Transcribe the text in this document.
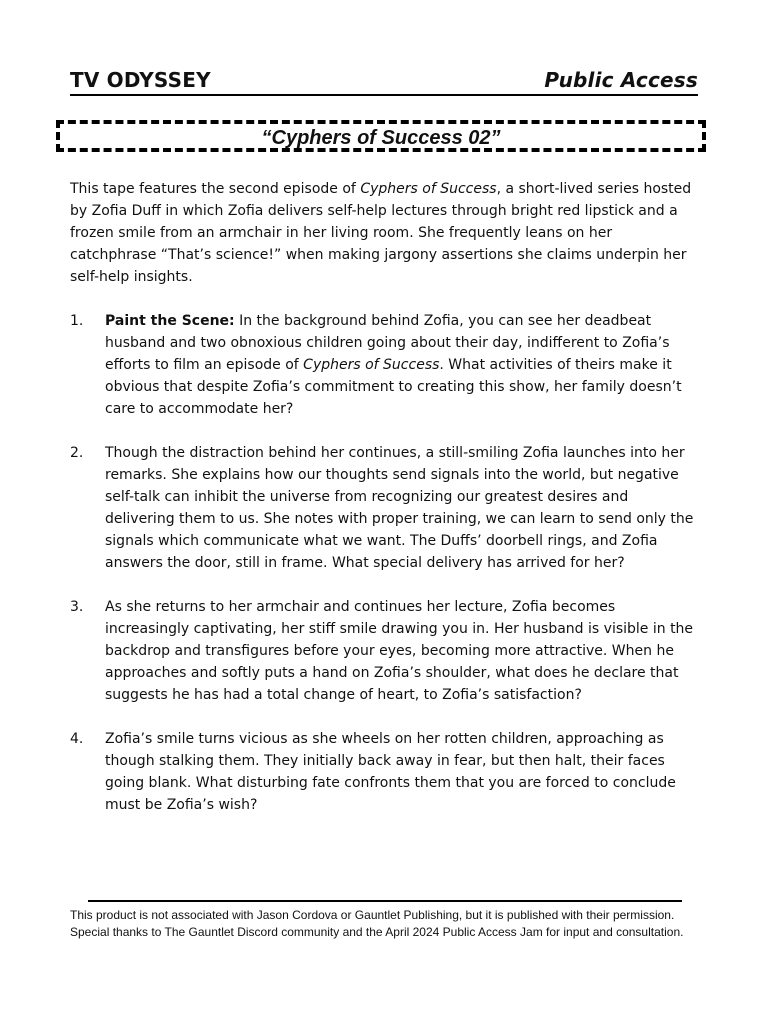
TV ODYSSEY	Public Access
“Cyphers of Success 02”

This tape features the second episode of Cyphers of Success, a short-lived series hosted by Zofia Duff in which Zofia delivers self-help lectures through bright red lipstick and a frozen smile from an armchair in her living room. She frequently leans on her catchphrase “That’s science!” when making jargony assertions she claims underpin her self-help insights.

1. Paint the Scene: In the background behind Zofia, you can see her deadbeat husband and two obnoxious children going about their day, indifferent to Zofia’s efforts to film an episode of Cyphers of Success. What activities of theirs make it obvious that despite Zofia’s commitment to creating this show, her family doesn’t care to accommodate her?
2. Though the distraction behind her continues, a still-smiling Zofia launches into her remarks. She explains how our thoughts send signals into the world, but negative self-talk can inhibit the universe from recognizing our greatest desires and delivering them to us. She notes with proper training, we can learn to send only the signals which communicate what we want. The Duffs’ doorbell rings, and Zofia answers the door, still in frame. What special delivery has arrived for her?
3. As she returns to her armchair and continues her lecture, Zofia becomes increasingly captivating, her stiff smile drawing you in. Her husband is visible in the backdrop and transfigures before your eyes, becoming more attractive. When he approaches and softly puts a hand on Zofia’s shoulder, what does he declare that suggests he has had a total change of heart, to Zofia’s satisfaction?
4. Zofia’s smile turns vicious as she wheels on her rotten children, approaching as though stalking them. They initially back away in fear, but then halt, their faces going blank. What disturbing fate confronts them that you are forced to conclude must be Zofia’s wish?

This product is not associated with Jason Cordova or Gauntlet Publishing, but it is published with their permission. Special thanks to The Gauntlet Discord community and the April 2024 Public Access Jam for input and consultation.
